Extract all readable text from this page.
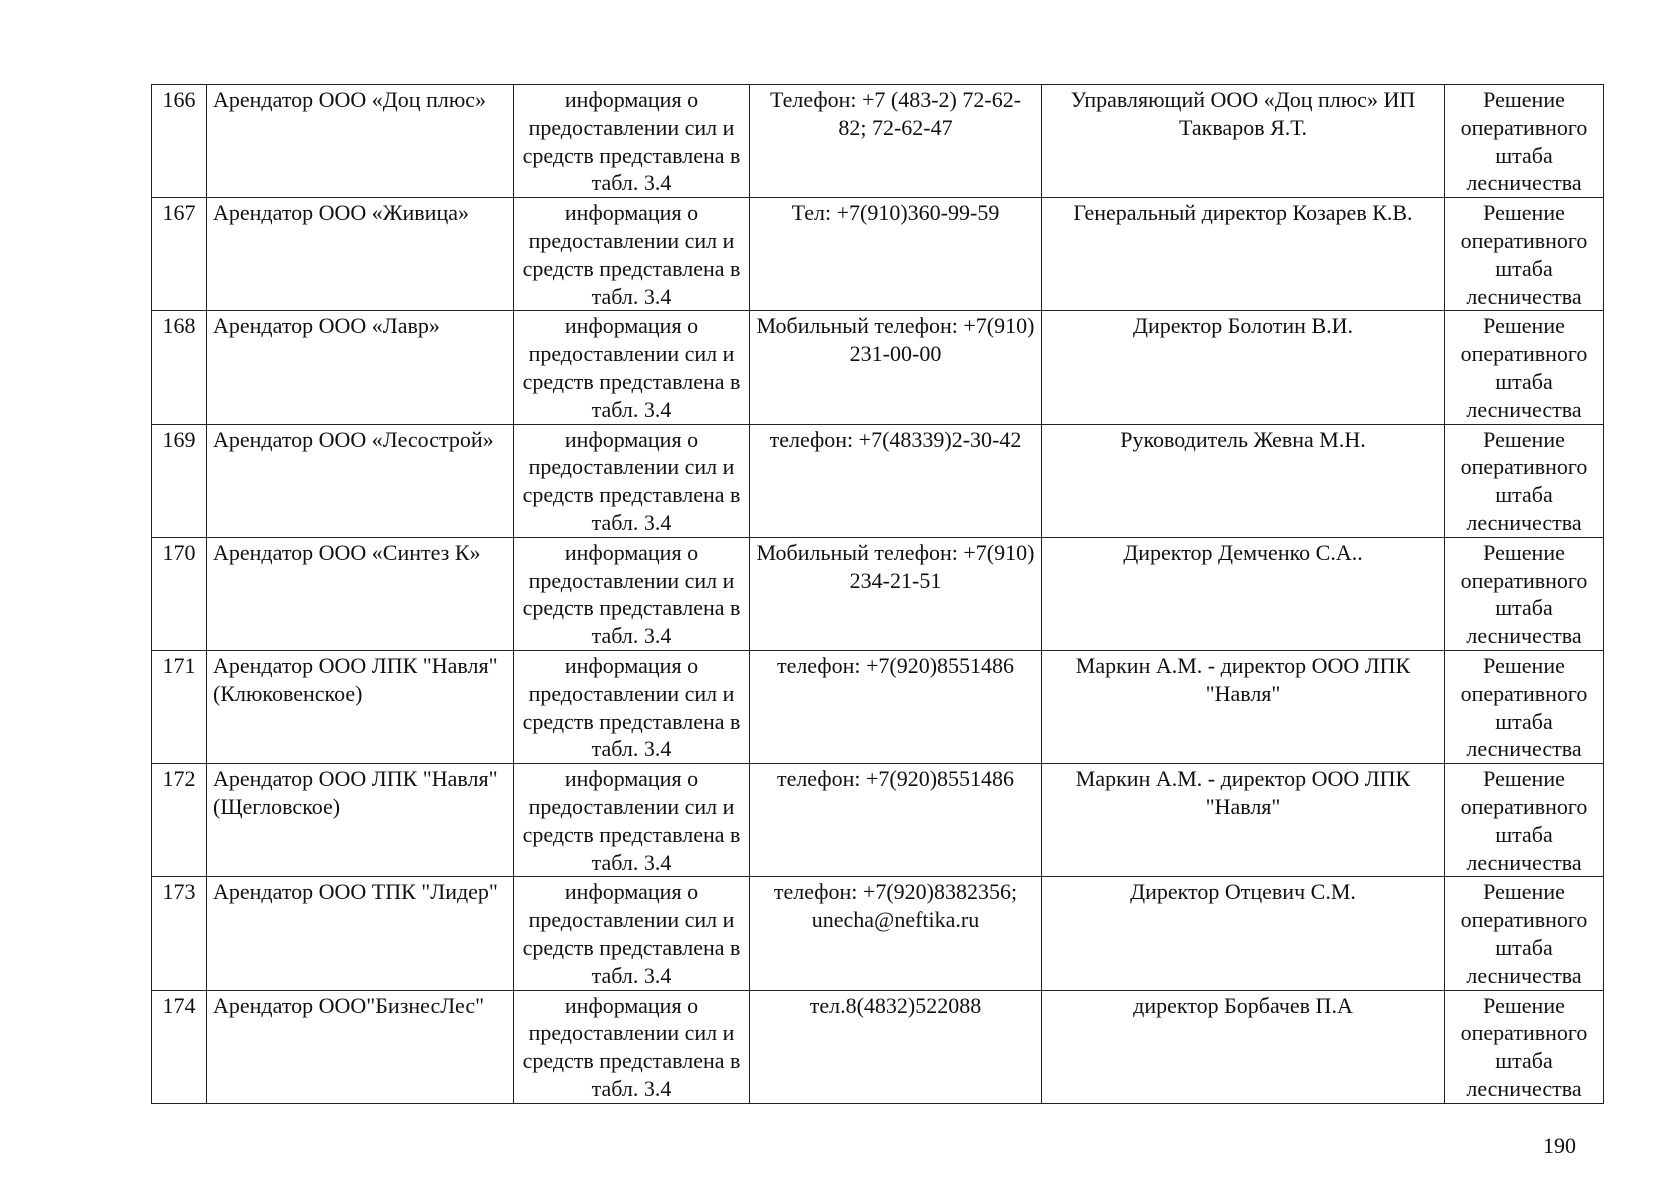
166	Арендатор ООО «Доц плюс»	информация о предоставлении сил и средств представлена в табл. 3.4	Телефон: +7 (483-2) 72-62-82; 72-62-47	Управляющий ООО «Доц плюс» ИП Такваров Я.Т.	Решение оперативного штаба лесничества
167	Арендатор ООО «Живица»	информация о предоставлении сил и средств представлена в табл. 3.4	Тел: +7(910)360-99-59	Генеральный директор Козарев К.В.	Решение оперативного штаба лесничества
168	Арендатор ООО «Лавр»	информация о предоставлении сил и средств представлена в табл. 3.4	Мобильный телефон: +7(910) 231-00-00	Директор Болотин В.И.	Решение оперативного штаба лесничества
169	Арендатор ООО «Лесострой»	информация о предоставлении сил и средств представлена в табл. 3.4	телефон: +7(48339)2-30-42	Руководитель Жевна М.Н.	Решение оперативного штаба лесничества
170	Арендатор ООО «Синтез К»	информация о предоставлении сил и средств представлена в табл. 3.4	Мобильный телефон: +7(910) 234-21-51	Директор Демченко С.А..	Решение оперативного штаба лесничества
171	Арендатор ООО ЛПК "Навля" (Клюковенское)	информация о предоставлении сил и средств представлена в табл. 3.4	телефон: +7(920)8551486	Маркин А.М. - директор ООО ЛПК "Навля"	Решение оперативного штаба лесничества
172	Арендатор ООО ЛПК "Навля" (Щегловское)	информация о предоставлении сил и средств представлена в табл. 3.4	телефон: +7(920)8551486	Маркин А.М. - директор ООО ЛПК "Навля"	Решение оперативного штаба лесничества
173	Арендатор ООО ТПК "Лидер"	информация о предоставлении сил и средств представлена в табл. 3.4	телефон: +7(920)8382356; unecha@neftika.ru	Директор Отцевич С.М.	Решение оперативного штаба лесничества
174	Арендатор ООО"БизнесЛес"	информация о предоставлении сил и средств представлена в табл. 3.4	тел.8(4832)522088	директор Борбачев П.А	Решение оперативного штаба лесничества
190
